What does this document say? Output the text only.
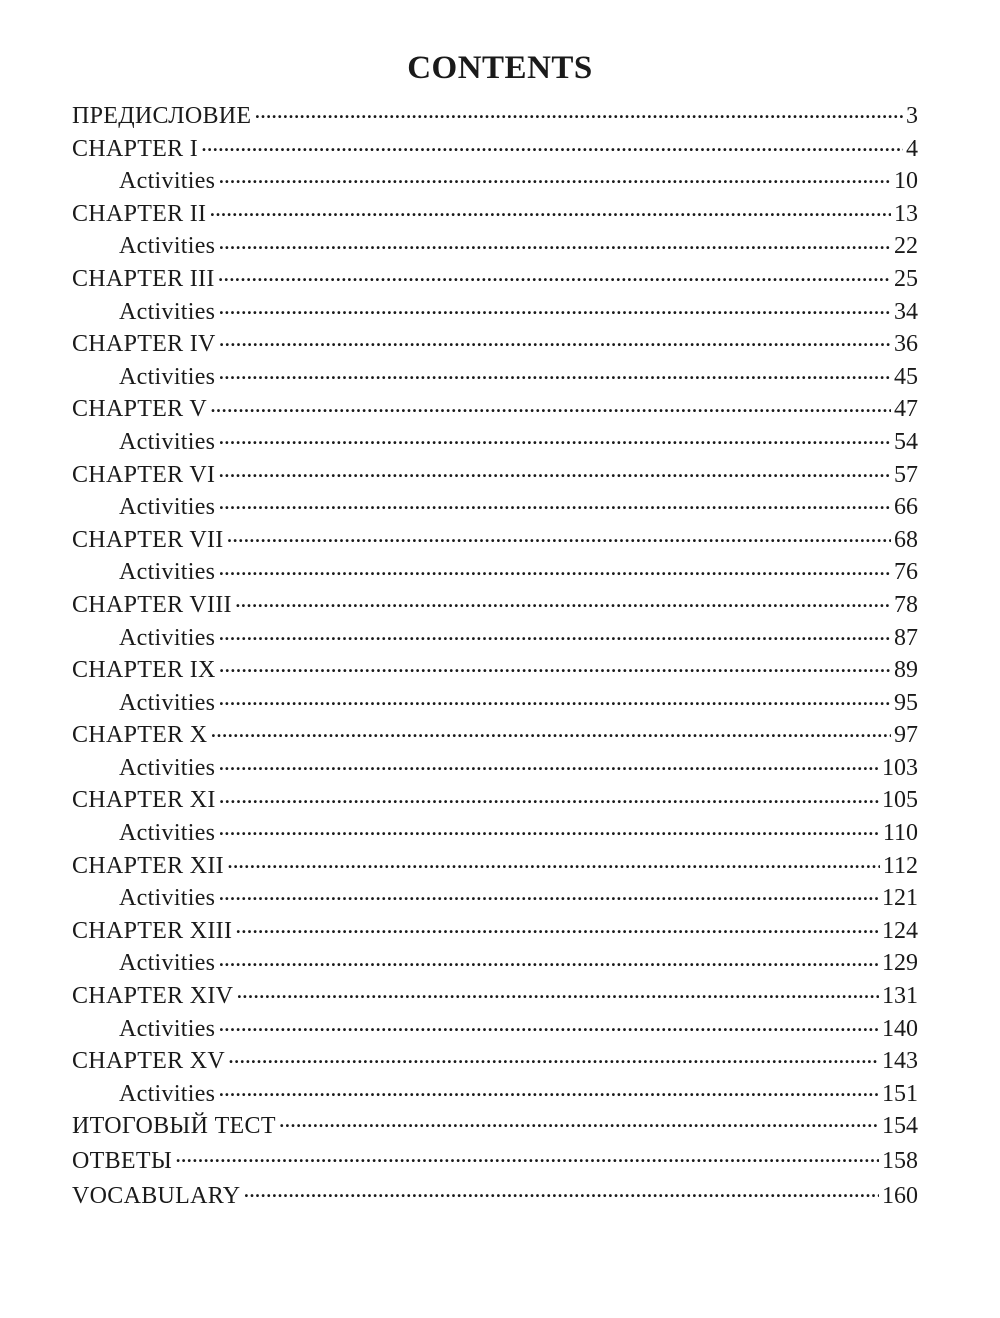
CONTENTS
ПРЕДИСЛОВИЕ . . .	3
CHAPTER I . . .	4
Activities . . .	10
CHAPTER II . . .	13
Activities . . .	22
CHAPTER III . . .	25
Activities . . .	34
CHAPTER IV . . .	36
Activities . . .	45
CHAPTER V . . .	47
Activities . . .	54
CHAPTER VI . . .	57
Activities . . .	66
CHAPTER VII . . .	68
Activities . . .	76
CHAPTER VIII . . .	78
Activities . . .	87
CHAPTER IX . . .	89
Activities . . .	95
CHAPTER X . . .	97
Activities . . .	103
CHAPTER XI . . .	105
Activities . . .	110
CHAPTER XII . . .	112
Activities . . .	121
CHAPTER XIII . . .	124
Activities . . .	129
CHAPTER XIV . . .	131
Activities . . .	140
CHAPTER XV . . .	143
Activities . . .	151
ИТОГОВЫЙ ТЕСТ . . .	154
ОТВЕТЫ . . .	158
VOCABULARY . . .	160
